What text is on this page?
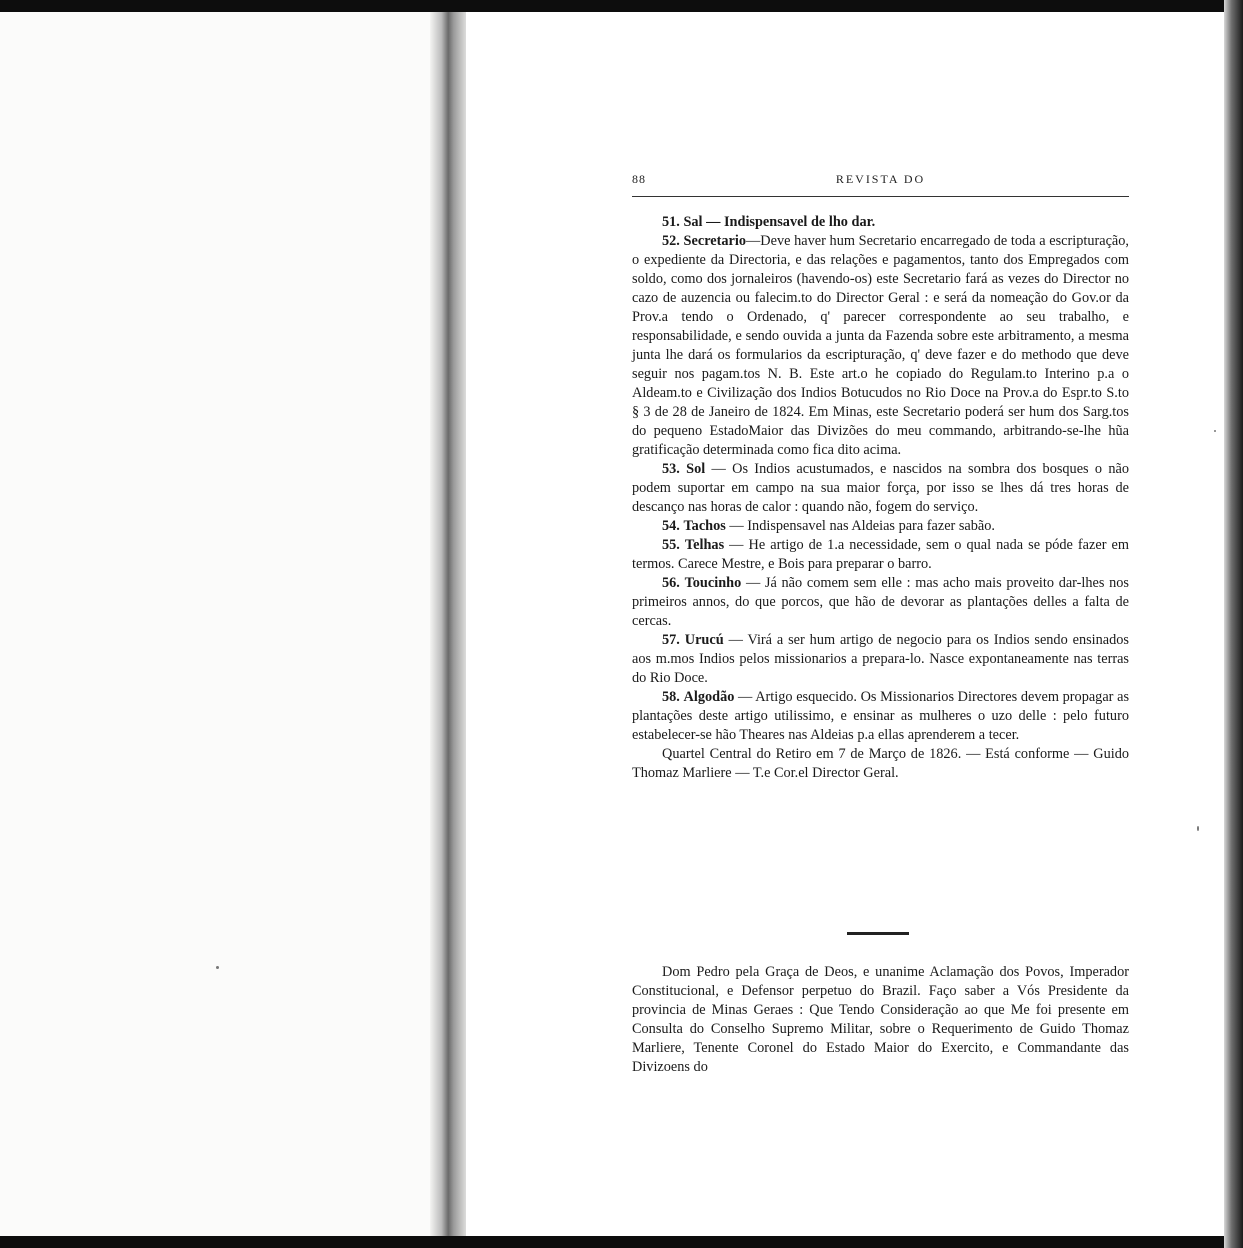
88	REVISTA DO

51. Sal — Indispensavel de lho dar.

52. Secretario—Deve haver hum Secretario encarregado de toda a escripturação, o expediente da Directoria, e das relações e pagamentos, tanto dos Empregados com soldo, como dos jornaleiros (havendo-os) este Secretario fará as vezes do Director no cazo de auzencia ou falecim.to do Director Geral : e será da nomeação do Gov.or da Prov.a tendo o Ordenado, q' parecer correspondente ao seu trabalho, e responsabilidade, e sendo ouvida a junta da Fazenda sobre este arbitramento, a mesma junta lhe dará os formularios da escripturação, q' deve fazer e do methodo que deve seguir nos pagam.tos N. B. Este art.o he copiado do Regulam.to Interino p.a o Aldeam.to e Civilização dos Indios Botucudos no Rio Doce na Prov.a do Espr.to S.to § 3 de 28 de Janeiro de 1824. Em Minas, este Secretario poderá ser hum dos Sarg.tos do pequeno EstadoMaior das Divizões do meu commando, arbitrando-se-lhe hũa gratificação determinada como fica dito acima.

53. Sol — Os Indios acustumados, e nascidos na sombra dos bosques o não podem suportar em campo na sua maior força, por isso se lhes dá tres horas de descanço nas horas de calor : quando não, fogem do serviço.

54. Tachos — Indispensavel nas Aldeias para fazer sabão.

55. Telhas — He artigo de 1.a necessidade, sem o qual nada se póde fazer em termos. Carece Mestre, e Bois para preparar o barro.

56. Toucinho — Já não comem sem elle : mas acho mais proveito dar-lhes nos primeiros annos, do que porcos, que hão de devorar as plantações delles a falta de cercas.

57. Urucú — Virá a ser hum artigo de negocio para os Indios sendo ensinados aos m.mos Indios pelos missionarios a prepara-lo. Nasce expontaneamente nas terras do Rio Doce.

58. Algodão — Artigo esquecido. Os Missionarios Directores devem propagar as plantações deste artigo utilissimo, e ensinar as mulheres o uzo delle : pelo futuro estabelecer-se hão Theares nas Aldeias p.a ellas aprenderem a tecer.

Quartel Central do Retiro em 7 de Março de 1826. — Está conforme — Guido Thomaz Marliere — T.e Cor.el Director Geral.

Dom Pedro pela Graça de Deos, e unanime Aclamação dos Povos, Imperador Constitucional, e Defensor perpetuo do Brazil. Faço saber a Vós Presidente da provincia de Minas Geraes : Que Tendo Consideração ao que Me foi presente em Consulta do Conselho Supremo Militar, sobre o Requerimento de Guido Thomaz Marliere, Tenente Coronel do Estado Maior do Exercito, e Commandante das Divizoens do
